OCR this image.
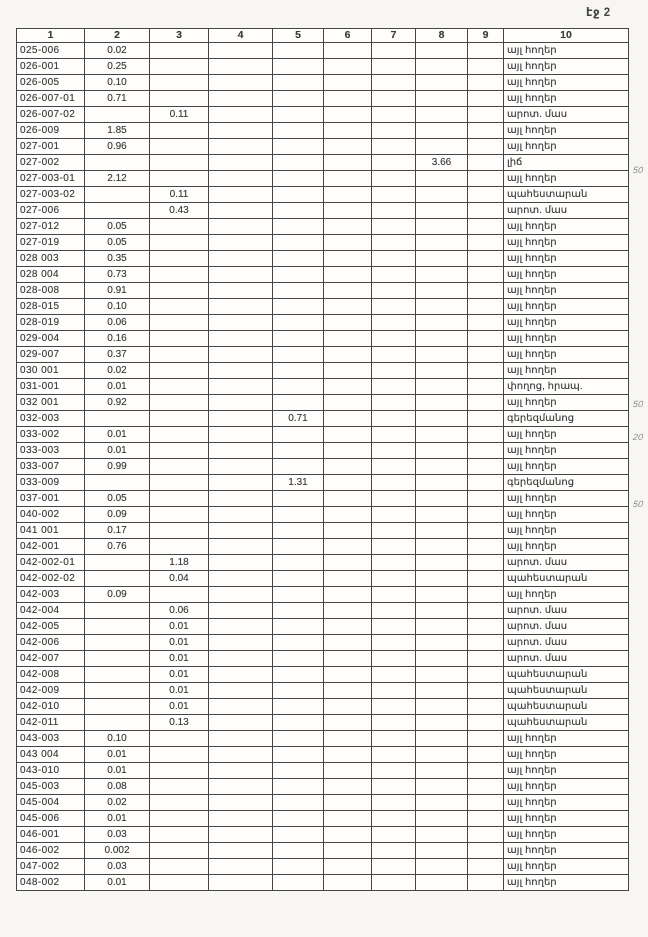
էջ 2
1	2	3	4	5	6	7	8	9	10
025-006	0.02								այլ հողեր
026-001	0.25								այլ հողեր
026-005	0.10								այլ հողեր
026-007-01	0.71								այլ հողեր
026-007-02		0.11							արոտ. մաս
026-009	1.85								այլ հողեր
027-001	0.96								այլ հողեր
027-002							3.66		լիճ
027-003-01	2.12								այլ հողեր
027-003-02		0.11							պահեստարան
027-006		0.43							արոտ. մաս
027-012	0.05								այլ հողեր
027-019	0.05								այլ հողեր
028 003	0.35								այլ հողեր
028 004	0.73								այլ հողեր
028-008	0.91								այլ հողեր
028-015	0.10								այլ հողեր
028-019	0.06								այլ հողեր
029-004	0.16								այլ հողեր
029-007	0.37								այլ հողեր
030 001	0.02								այլ հողեր
031-001	0.01								փողոց, հրապ.
032 001	0.92								այլ հողեր
032-003				0.71					գերեզմանոց
033-002	0.01								այլ հողեր
033-003	0.01								այլ հողեր
033-007	0.99								այլ հողեր
033-009				1.31					գերեզմանոց
037-001	0.05								այլ հողեր
040-002	0.09								այլ հողեր
041 001	0.17								այլ հողեր
042-001	0.76								այլ հողեր
042-002-01		1.18							արոտ. մաս
042-002-02		0.04							պահեստարան
042-003	0.09								այլ հողեր
042-004		0.06							արոտ. մաս
042-005		0.01							արոտ. մաս
042-006		0.01							արոտ. մաս
042-007		0.01							արոտ. մաս
042-008		0.01							պահեստարան
042-009		0.01							պահեստարան
042-010		0.01							պահեստարան
042-011		0.13							պահեստարան
043-003	0.10								այլ հողեր
043 004	0.01								այլ հողեր
043-010	0.01								այլ հողեր
045-003	0.08								այլ հողեր
045-004	0.02								այլ հողեր
045-006	0.01								այլ հողեր
046-001	0.03								այլ հողեր
046-002	0.002								այլ հողեր
047-002	0.03								այլ հողեր
048-002	0.01								այլ հողեր
50
50
20
50
